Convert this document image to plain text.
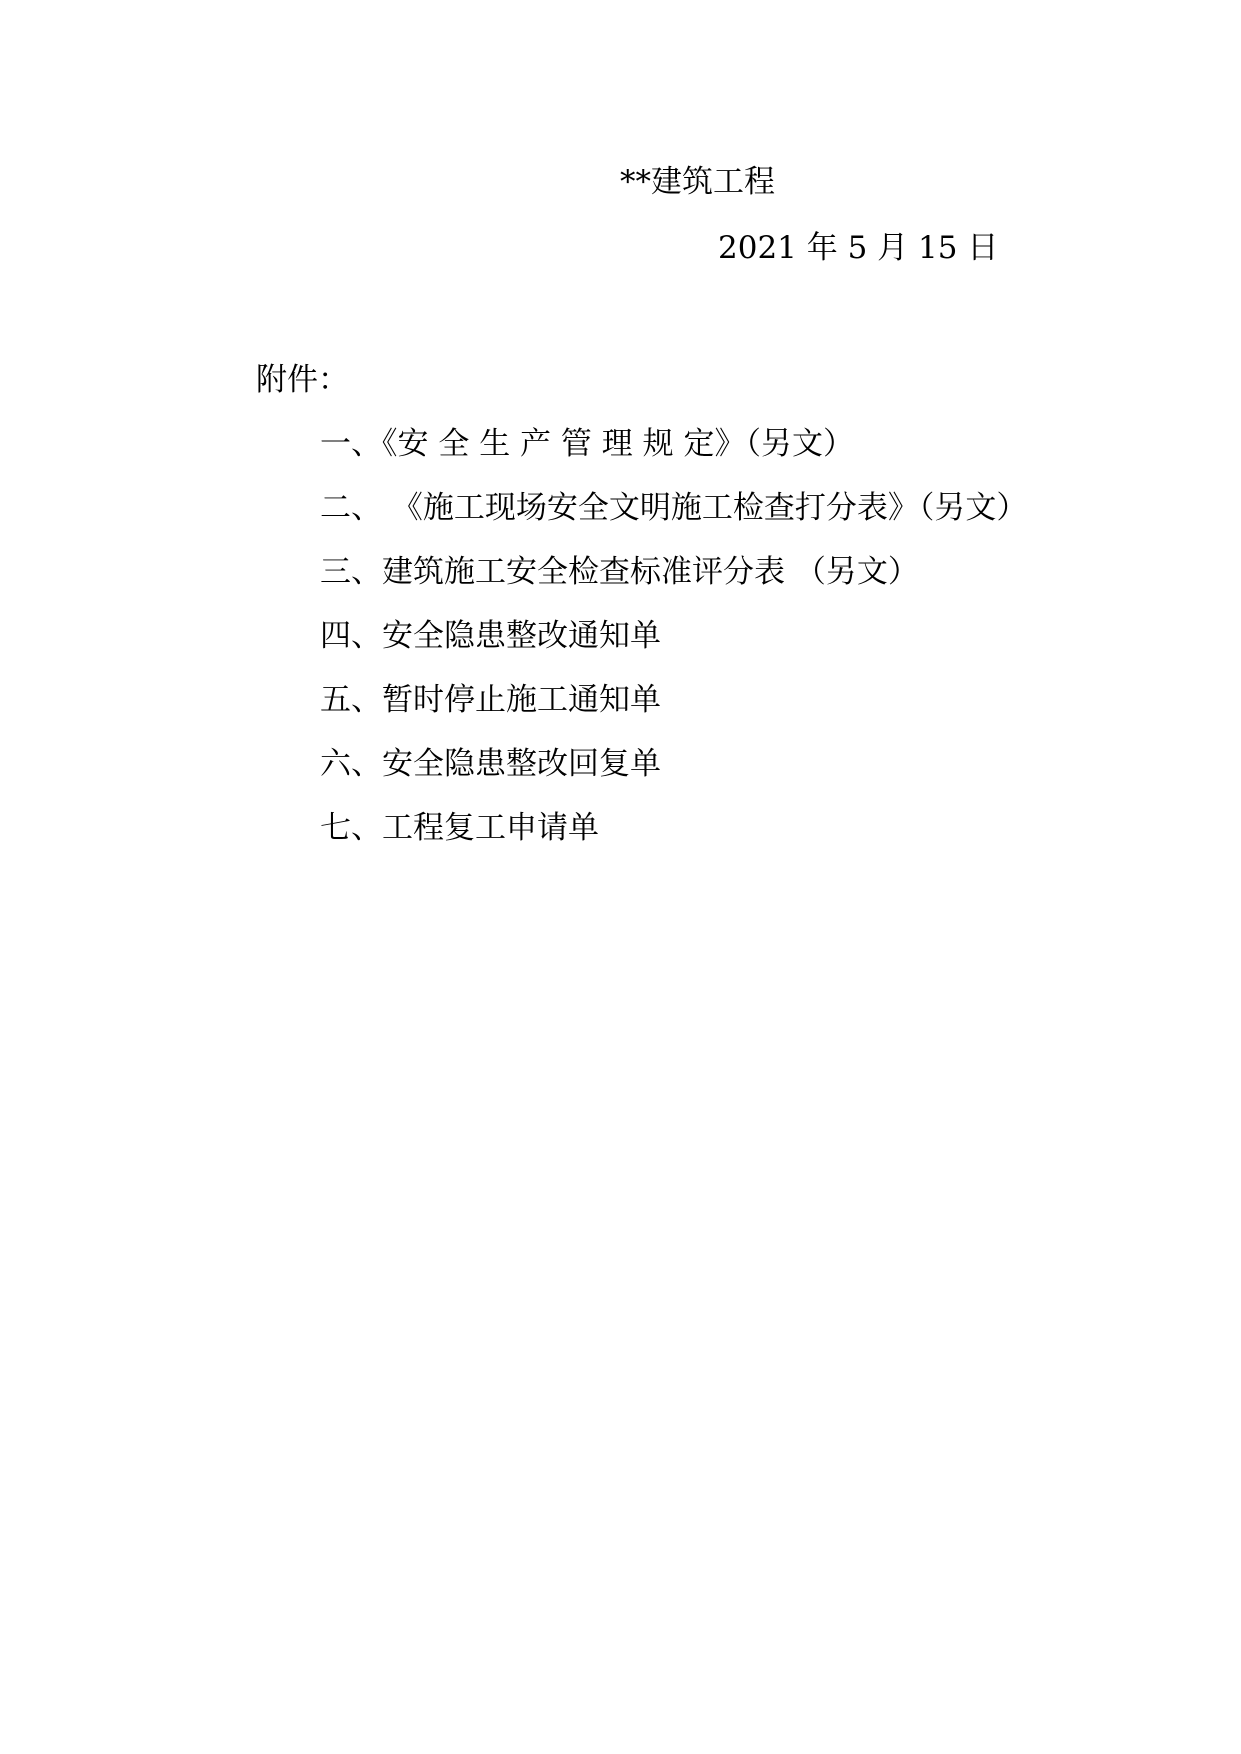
**建筑工程
2021 年 5 月 15 日
附件：
一、《安 全 生 产 管 理 规 定》（另文）
二、 《施工现场安全文明施工检查打分表》（另文）
三、建筑施工安全检查标准评分表 （另文）
四、安全隐患整改通知单
五、暂时停止施工通知单
六、安全隐患整改回复单
七、工程复工申请单
